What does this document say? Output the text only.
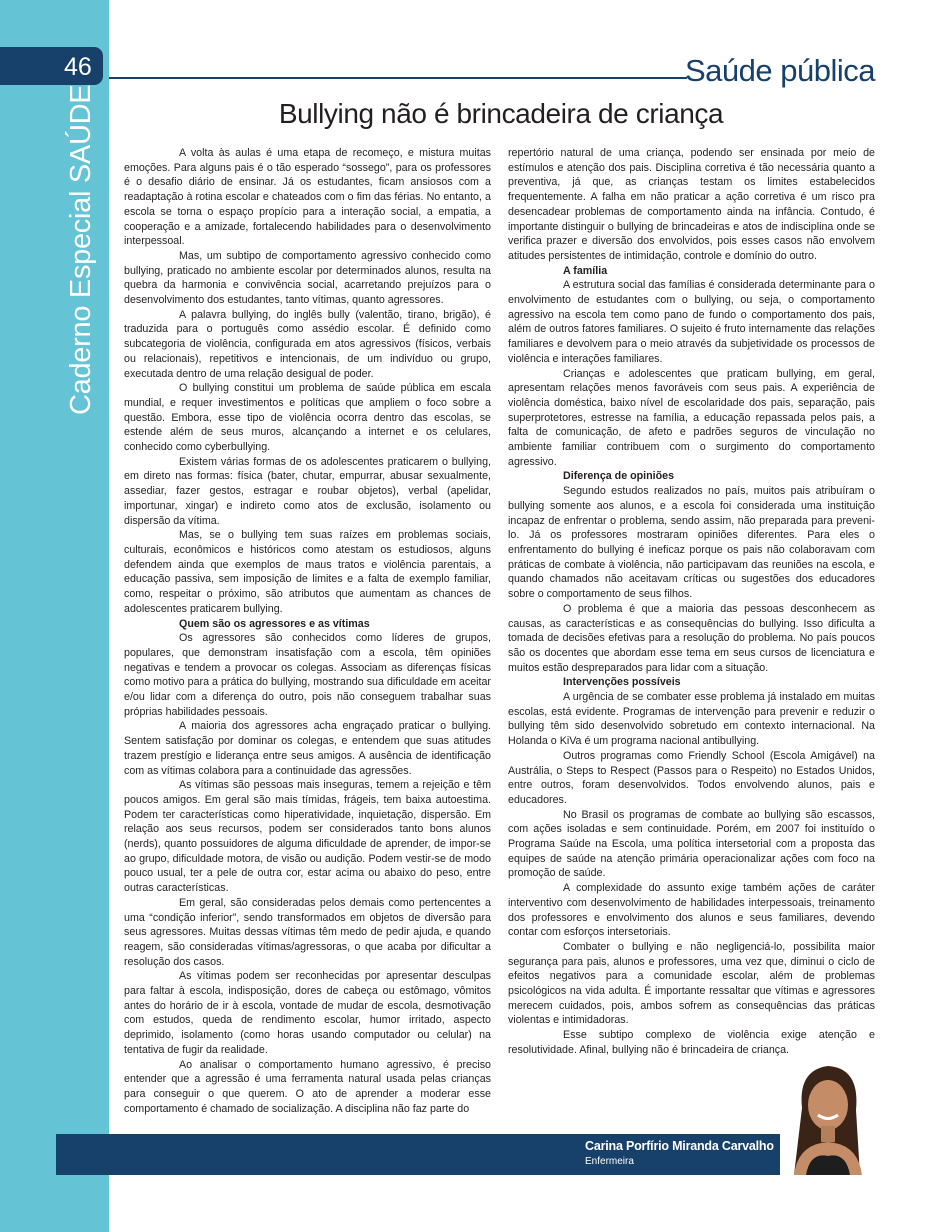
46
Caderno Especial SAÚDE
Saúde pública
Bullying não é brincadeira de criança

A volta às aulas é uma etapa de recomeço, e mistura muitas emoções. Para alguns pais é o tão esperado “sossego”, para os professores é o desafio diário de ensinar. Já os estudantes, ficam ansiosos com a readaptação à rotina escolar e chateados com o fim das férias. No entanto, a escola se torna o espaço propício para a interação social, a empatia, a cooperação e a amizade, fortalecendo habilidades para o desenvolvimento interpessoal.

Mas, um subtipo de comportamento agressivo conhecido como bullying, praticado no ambiente escolar por determinados alunos, resulta na quebra da harmonia e convivência social, acarretando prejuízos para o desenvolvimento dos estudantes, tanto vítimas, quanto agressores.

A palavra bullying, do inglês bully (valentão, tirano, brigão), é traduzida para o português como assédio escolar. É definido como subcategoria de violência, configurada em atos agressivos (físicos, verbais ou relacionais), repetitivos e intencionais, de um indivíduo ou grupo, executada dentro de uma relação desigual de poder.

O bullying constitui um problema de saúde pública em escala mundial, e requer investimentos e políticas que ampliem o foco sobre a questão. Embora, esse tipo de violência ocorra dentro das escolas, se estende além de seus muros, alcançando a internet e os celulares, conhecido como cyberbullying.

Existem várias formas de os adolescentes praticarem o bullying, em direto nas formas: física (bater, chutar, empurrar, abusar sexualmente, assediar, fazer gestos, estragar e roubar objetos), verbal (apelidar, importunar, xingar) e indireto como atos de exclusão, isolamento ou dispersão da vítima.

Mas, se o bullying tem suas raízes em problemas sociais, culturais, econômicos e históricos como atestam os estudiosos, alguns defendem ainda que exemplos de maus tratos e violência parentais, a educação passiva, sem imposição de limites e a falta de exemplo familiar, como, respeitar o próximo, são atributos que aumentam as chances de adolescentes praticarem bullying.

Quem são os agressores e as vítimas

Os agressores são conhecidos como líderes de grupos, populares, que demonstram insatisfação com a escola, têm opiniões negativas e tendem a provocar os colegas. Associam as diferenças físicas como motivo para a prática do bullying, mostrando sua dificuldade em aceitar e/ou lidar com a diferença do outro, pois não conseguem trabalhar suas próprias habilidades pessoais.

A maioria dos agressores acha engraçado praticar o bullying. Sentem satisfação por dominar os colegas, e entendem que suas atitudes trazem prestígio e liderança entre seus amigos. A ausência de identificação com as vítimas colabora para a continuidade das agressões.

As vítimas são pessoas mais inseguras, temem a rejeição e têm poucos amigos. Em geral são mais tímidas, frágeis, tem baixa autoestima. Podem ter características como hiperatividade, inquietação, dispersão. Em relação aos seus recursos, podem ser considerados tanto bons alunos (nerds), quanto possuidores de alguma dificuldade de aprender, de impor-se ao grupo, dificuldade motora, de visão ou audição. Podem vestir-se de modo pouco usual, ter a pele de outra cor, estar acima ou abaixo do peso, entre outras características.

Em geral, são consideradas pelos demais como pertencentes a uma “condição inferior”, sendo transformados em objetos de diversão para seus agressores. Muitas dessas vítimas têm medo de pedir ajuda, e quando reagem, são consideradas vítimas/agressoras, o que acaba por dificultar a resolução dos casos.

As vítimas podem ser reconhecidas por apresentar desculpas para faltar à escola, indisposição, dores de cabeça ou estômago, vômitos antes do horário de ir à escola, vontade de mudar de escola, desmotivação com estudos, queda de rendimento escolar, humor irritado, aspecto deprimido, isolamento (como horas usando computador ou celular) na tentativa de fugir da realidade.

Ao analisar o comportamento humano agressivo, é preciso entender que a agressão é uma ferramenta natural usada pelas crianças para conseguir o que querem. O ato de aprender a moderar esse comportamento é chamado de socialização. A disciplina não faz parte do

repertório natural de uma criança, podendo ser ensinada por meio de estímulos e atenção dos pais. Disciplina corretiva é tão necessária quanto a preventiva, já que, as crianças testam os limites estabelecidos frequentemente. A falha em não praticar a ação corretiva é um risco pra desencadear problemas de comportamento ainda na infância. Contudo, é importante distinguir o bullying de brincadeiras e atos de indisciplina onde se verifica prazer e diversão dos envolvidos, pois esses casos não envolvem atitudes persistentes de intimidação, controle e domínio do outro.

A família

A estrutura social das famílias é considerada determinante para o envolvimento de estudantes com o bullying, ou seja, o comportamento agressivo na escola tem como pano de fundo o comportamento dos pais, além de outros fatores familiares. O sujeito é fruto internamente das relações familiares e devolvem para o meio através da subjetividade os processos de violência e interações familiares.

Crianças e adolescentes que praticam bullying, em geral, apresentam relações menos favoráveis com seus pais. A experiência de violência doméstica, baixo nível de escolaridade dos pais, separação, pais superprotetores, estresse na família, a educação repassada pelos pais, a falta de comunicação, de afeto e padrões seguros de vinculação no ambiente familiar contribuem com o surgimento do comportamento agressivo.

Diferença de opiniões

Segundo estudos realizados no país, muitos pais atribuíram o bullying somente aos alunos, e a escola foi considerada uma instituição incapaz de enfrentar o problema, sendo assim, não preparada para preveni-lo. Já os professores mostraram opiniões diferentes. Para eles o enfrentamento do bullying é ineficaz porque os pais não colaboravam com práticas de combate à violência, não participavam das reuniões na escola, e quando chamados não aceitavam críticas ou sugestões dos educadores sobre o comportamento de seus filhos.

O problema é que a maioria das pessoas desconhecem as causas, as características e as consequências do bullying. Isso dificulta a tomada de decisões efetivas para a resolução do problema. No país poucos são os docentes que abordam esse tema em seus cursos de licenciatura e muitos estão despreparados para lidar com a situação.

Intervenções possíveis

A urgência de se combater esse problema já instalado em muitas escolas, está evidente. Programas de intervenção para prevenir e reduzir o bullying têm sido desenvolvido sobretudo em contexto internacional. Na Holanda o KiVa é um programa nacional antibullying.

Outros programas como Friendly School (Escola Amigável) na Austrália, o Steps to Respect (Passos para o Respeito) no Estados Unidos, entre outros, foram desenvolvidos. Todos envolvendo alunos, pais e educadores.

No Brasil os programas de combate ao bullying são escassos, com ações isoladas e sem continuidade. Porém, em 2007 foi instituído o Programa Saúde na Escola, uma política intersetorial com a proposta das equipes de saúde na atenção primária operacionalizar ações com foco na promoção de saúde.

A complexidade do assunto exige também ações de caráter interventivo com desenvolvimento de habilidades interpessoais, treinamento dos professores e envolvimento dos alunos e seus familiares, devendo contar com esforços intersetoriais.

Combater o bullying e não negligenciá-lo, possibilita maior segurança para pais, alunos e professores, uma vez que, diminui o ciclo de efeitos negativos para a comunidade escolar, além de problemas psicológicos na vida adulta. É importante ressaltar que vítimas e agressores merecem cuidados, pois, ambos sofrem as consequências das práticas violentas e intimidadoras.

Esse subtipo complexo de violência exige atenção e resolutividade. Afinal, bullying não é brincadeira de criança.

Carina Porfírio Miranda Carvalho
Enfermeira
